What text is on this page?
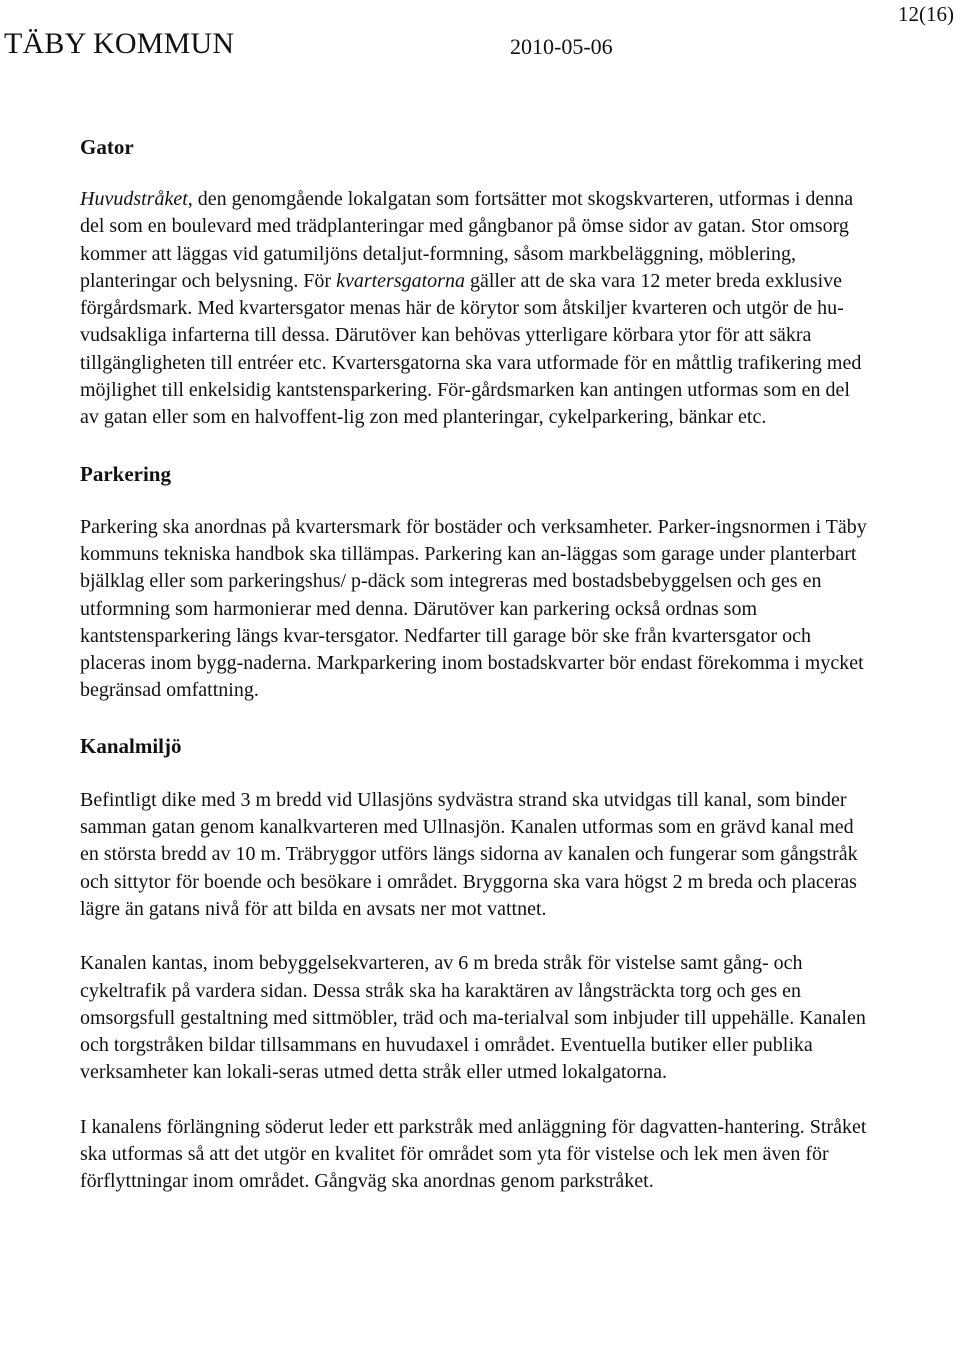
TÄBY KOMMUN	2010-05-06
12(16)
Gator

Huvudstråket, den genomgående lokalgatan som fortsätter mot skogskvarteren, utformas i denna del som en boulevard med trädplanteringar med gångbanor på ömse sidor av gatan. Stor omsorg kommer att läggas vid gatumiljöns detaljut-formning, såsom markbeläggning, möblering, planteringar och belysning. För kvartersgatorna gäller att de ska vara 12 meter breda exklusive förgårdsmark. Med kvartersgator menas här de körytor som åtskiljer kvarteren och utgör de hu-vudsakliga infarterna till dessa. Därutöver kan behövas ytterligare körbara ytor för att säkra tillgängligheten till entréer etc. Kvartersgatorna ska vara utformade för en måttlig trafikering med möjlighet till enkelsidig kantstensparkering. För-gårdsmarken kan antingen utformas som en del av gatan eller som en halvoffent-lig zon med planteringar, cykelparkering, bänkar etc.

Parkering

Parkering ska anordnas på kvartersmark för bostäder och verksamheter. Parker-ingsnormen i Täby kommuns tekniska handbok ska tillämpas. Parkering kan an-läggas som garage under planterbart bjälklag eller som parkeringshus/ p-däck som integreras med bostadsbebyggelsen och ges en utformning som harmonierar med denna. Därutöver kan parkering också ordnas som kantstensparkering längs kvar-tersgator. Nedfarter till garage bör ske från kvartersgator och placeras inom bygg-naderna. Markparkering inom bostadskvarter bör endast förekomma i mycket begränsad omfattning.

Kanalmiljö

Befintligt dike med 3 m bredd vid Ullasjöns sydvästra strand ska utvidgas till kanal, som binder samman gatan genom kanalkvarteren med Ullnasjön. Kanalen utformas som en grävd kanal med en största bredd av 10 m. Träbryggor utförs längs sidorna av kanalen och fungerar som gångstråk och sittytor för boende och besökare i området. Bryggorna ska vara högst 2 m breda och placeras lägre än gatans nivå för att bilda en avsats ner mot vattnet.

Kanalen kantas, inom bebyggelsekvarteren, av 6 m breda stråk för vistelse samt gång- och cykeltrafik på vardera sidan. Dessa stråk ska ha karaktären av långsträckta torg och ges en omsorgsfull gestaltning med sittmöbler, träd och ma-terialval som inbjuder till uppehälle. Kanalen och torgstråken bildar tillsammans en huvudaxel i området. Eventuella butiker eller publika verksamheter kan lokali-seras utmed detta stråk eller utmed lokalgatorna.

I kanalens förlängning söderut leder ett parkstråk med anläggning för dagvatten-hantering. Stråket ska utformas så att det utgör en kvalitet för området som yta för vistelse och lek men även för förflyttningar inom området. Gångväg ska anordnas genom parkstråket.
